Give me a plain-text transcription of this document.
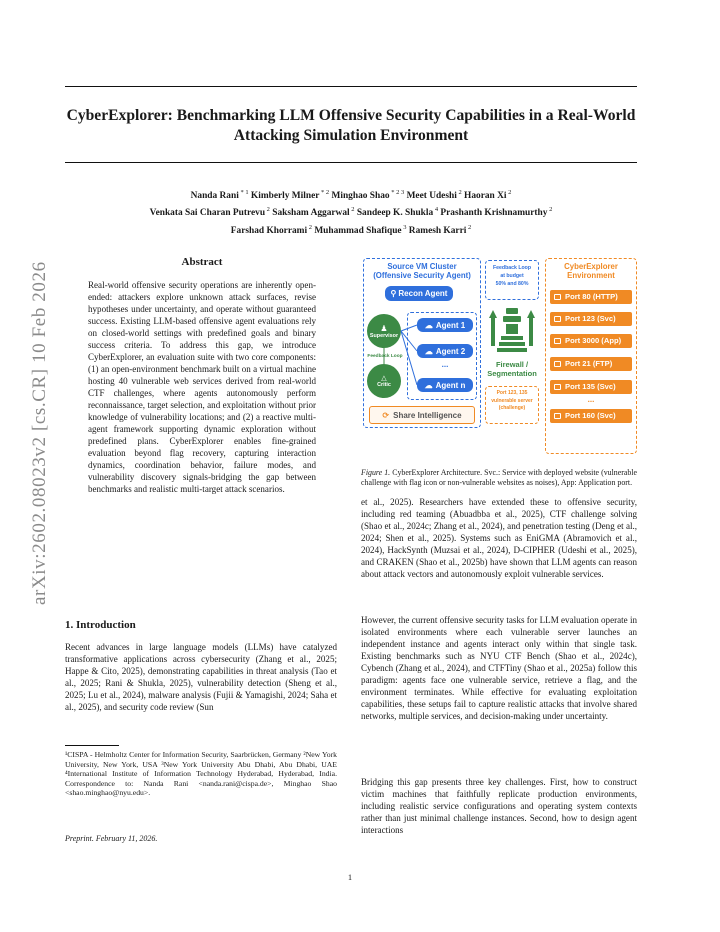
CyberExplorer: Benchmarking LLM Offensive Security Capabilities in a Real-World Attacking Simulation Environment
Nanda Rani $^{* 1}$ Kimberly Milner $^{* 2}$ Minghao Shao $^{* 2 3}$ Meet Udeshi $^2$ Haoran Xi $^2$
Venkata Sai Charan Putrevu $^2$ Saksham Aggarwal $^2$ Sandeep K. Shukla $^4$ Prashanth Krishnamurthy $^2$
Farshad Khorrami $^2$ Muhammad Shafique $^3$ Ramesh Karri $^2$
arXiv:2602.08023v2 [cs.CR] 10 Feb 2026	Abstract
Real-world offensive security operations are inherently open-ended: attackers explore unknown attack surfaces, revise hypotheses under uncertainty, and operate without guaranteed success. Existing LLM-based offensive agent evaluations rely on closed-world settings with predefined goals and binary success criteria. To address this gap, we introduce CyberExplorer, an evaluation suite with two core components: (1) an open-environment benchmark built on a virtual machine hosting 40 vulnerable web services derived from real-world CTF challenges, where agents autonomously perform reconnaissance, target selection, and exploitation without prior knowledge of vulnerability locations; and (2) a reactive multi-agent framework supporting dynamic exploration without predefined plans. CyberExplorer enables fine-grained evaluation beyond flag recovery, capturing interaction dynamics, coordination behavior, failure modes, and vulnerability discovery signals-bridging the gap between benchmarks and realistic multi-target attack scenarios.
1. Introduction
Recent advances in large language models (LLMs) have catalyzed transformative applications across cybersecurity (Zhang et al., 2025; Happe & Cito, 2025), demonstrating capabilities in threat analysis (Tao et al., 2025; Rani & Shukla, 2025), vulnerability detection (Sheng et al., 2025; Lu et al., 2024), malware analysis (Fujii & Yamagishi, 2024; Saha et al., 2025), and security code review (Sun
¹CISPA - Helmholtz Center for Information Security, Saarbrücken, Germany ²New York University, New York, USA ³New York University Abu Dhabi, Abu Dhabi, UAE ⁴International Institute of Information Technology Hyderabad, Hyderabad, India. Correspondence to: Nanda Rani <nanda.rani@cispa.de>, Minghao Shao <shao.minghao@nyu.edu>.
Preprint. February 11, 2026.
1
Source VM Cluster
(Offensive Security Agent)
⚲ Recon Agent
♟
Supervisor
Feedback Loop
△
Critic
☁ Agent 1
☁ Agent 2
...
☁ Agent n
⟳ Share Intelligence
Feedback Loop
at budget
50% and 80%
Firewall /
Segmentation
Port 123, 135
vulnerable server
(challenge)
CyberExplorer
Environment
Port 80 (HTTP)
Port 123 (Svc)
Port 3000 (App)
Port 21 (FTP)
Port 135 (Svc)
...
Port 160 (Svc)
Figure 1. CyberExplorer Architecture. Svc.: Service with deployed website (vulnerable challenge with flag icon or non-vulnerable websites as noises), App: Application port.
et al., 2025). Researchers have extended these to offensive security, including red teaming (Abuadbba et al., 2025), CTF challenge solving (Shao et al., 2024c; Zhang et al., 2024), and penetration testing (Deng et al., 2024; Shen et al., 2025). Systems such as EniGMA (Abramovich et al., 2024), HackSynth (Muzsai et al., 2024), D-CIPHER (Udeshi et al., 2025), and CRAKEN (Shao et al., 2025b) have shown that LLM agents can reason about attack vectors and autonomously exploit vulnerable services.
However, the current offensive security tasks for LLM evaluation operate in isolated environments where each vulnerable server launches an independent instance and agents interact only within that single task. Existing benchmarks such as NYU CTF Bench (Shao et al., 2024c), Cybench (Zhang et al., 2024), and CTFTiny (Shao et al., 2025a) follow this paradigm: agents face one vulnerable service, retrieve a flag, and the environment terminates. While effective for evaluating exploitation capabilities, these setups fail to capture realistic attacks that involve shared networks, multiple services, and decision-making under uncertainty.
Bridging this gap presents three key challenges. First, how to construct victim machines that faithfully replicate production environments, including realistic service configurations and operating system contexts rather than just minimal challenge instances. Second, how to design agent interactions
